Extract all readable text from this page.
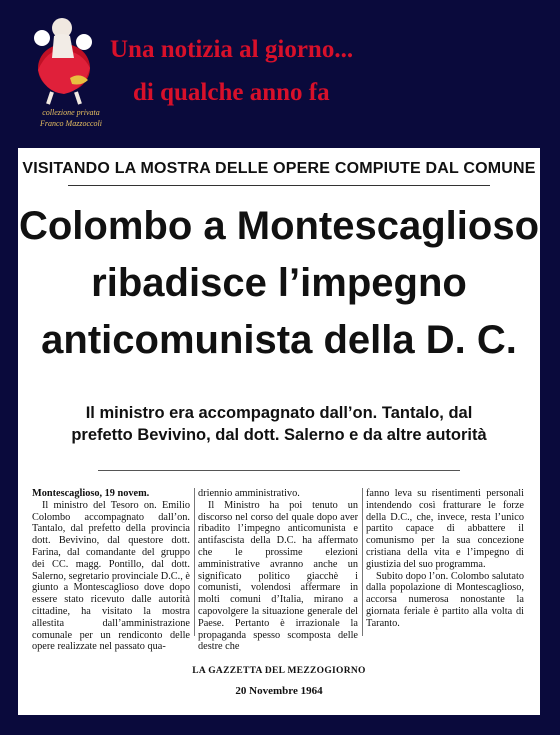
collezione privata
Franco Mazzoccoli
Una notizia al giorno...
di qualche anno fa
VISITANDO LA MOSTRA DELLE OPERE COMPIUTE DAL COMUNE
Colombo a Montescaglioso
ribadisce l’impegno
anticomunista della D. C.
Il ministro era accompagnato dall’on. Tantalo, dal
prefetto Bevivino, dal dott. Salerno e da altre autorità

Montescaglioso, 19 novem.

Il ministro del Tesoro on. Emilio Colombo accompagnato dall’on. Tantalo, dal prefetto della provincia dott. Bevivino, dal questore dott. Farina, dal comandante del gruppo dei CC. magg. Pontillo, dal dott. Salerno, segretario provinciale D.C., è giunto a Montescaglioso dove dopo essere stato ricevuto dalle autorità cittadine, ha visitato la mostra allestita dall’amministrazione comunale per un rendiconto delle opere realizzate nel passato qua-

driennio amministrativo.

Il Ministro ha poi tenuto un discorso nel corso del quale dopo aver ribadito l’impegno anticomunista e antifascista della D.C. ha affermato che le prossime elezioni amministrative avranno anche un significato politico giacchè i comunisti, volendosi affermare in molti comuni d’Italia, mirano a capovolgere la situazione generale del Paese. Pertanto è irrazionale la propaganda spesso scomposta delle destre che

fanno leva su risentimenti personali intendendo così fratturare le forze della D.C., che, invece, resta l’unico partito capace di abbattere il comunismo per la sua concezione cristiana della vita e l’impegno di giustizia del suo programma.

Subito dopo l’on. Colombo salutato dalla popolazione di Montescaglioso, accorsa numerosa nonostante la giornata feriale è partito alla volta di Taranto.

LA GAZZETTA DEL MEZZOGIORNO
20 Novembre 1964
